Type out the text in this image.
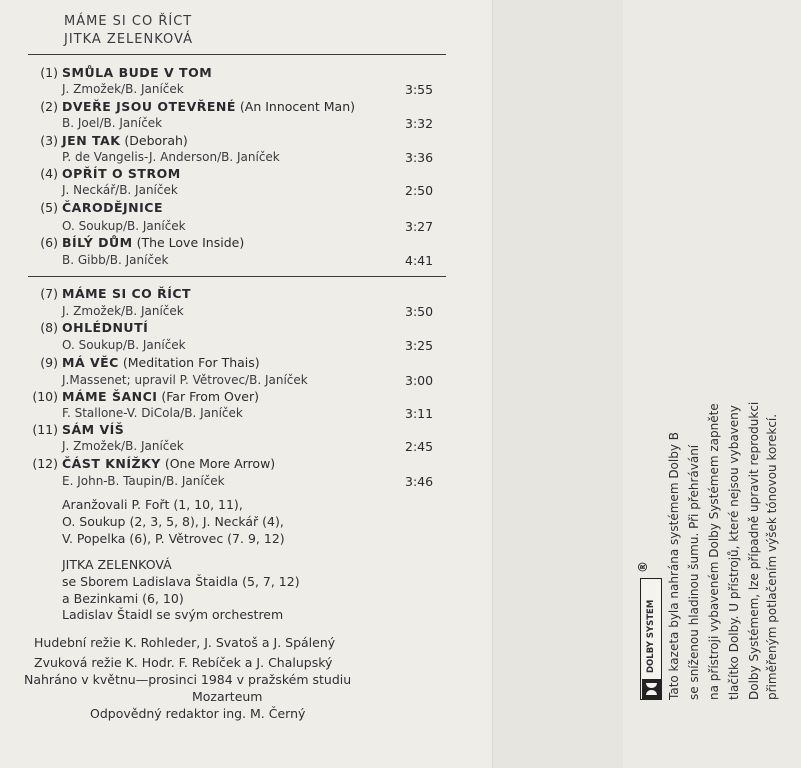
MÁME SI CO ŘÍCT
JITKA ZELENKOVÁ
(1) SMŮLA BUDE V TOM
J. Zmožek/B. Janíček	3:55
(2) DVEŘE JSOU OTEVŘENÉ (An Innocent Man)
B. Joel/B. Janíček	3:32
(3) JEN TAK (Deborah)
P. de Vangelis-J. Anderson/B. Janíček	3:36
(4) OPŘÍT O STROM
J. Neckář/B. Janíček	2:50
(5) ČARODĚJNICE
O. Soukup/B. Janíček	3:27
(6) BÍLÝ DŮM (The Love Inside)
B. Gibb/B. Janíček	4:41
(7) MÁME SI CO ŘÍCT
J. Zmožek/B. Janíček	3:50
(8) OHLÉDNUTÍ
O. Soukup/B. Janíček	3:25
(9) MÁ VĚC (Meditation For Thais)
J.Massenet; upravil P. Větrovec/B. Janíček	3:00
(10) MÁME ŠANCI (Far From Over)
F. Stallone-V. DiCola/B. Janíček	3:11
(11) SÁM VÍŠ
J. Zmožek/B. Janíček	2:45
(12) ČÁST KNÍŽKY (One More Arrow)
E. John-B. Taupin/B. Janíček	3:46
Aranžovali P. Fořt (1, 10, 11),
O. Soukup (2, 3, 5, 8), J. Neckář (4),
V. Popelka (6), P. Větrovec (7. 9, 12)
JITKA ZELENKOVÁ
se Sborem Ladislava Štaidla (5, 7, 12)
a Bezinkami (6, 10)
Ladislav Štaidl se svým orchestrem
Hudební režie K. Rohleder, J. Svatoš a J. Spálený
Zvuková režie K. Hodr. F. Rebíček a J. Chalupský
Nahráno v květnu—prosinci 1984 v pražském studiu
Mozarteum
Odpovědný redaktor ing. M. Černý
DOLBY SYSTEM
® Tato kazeta byla nahrána systémem Dolby B se sníženou hladinou šumu. Při přehrávání na přístroji vybaveném Dolby Systémem zapněte tlačítko Dolby. U přístrojů, které nejsou vybaveny Dolby Systémem, lze případně upravit reprodukci přiměřeným potlačením výšek tónovou korekcí.
